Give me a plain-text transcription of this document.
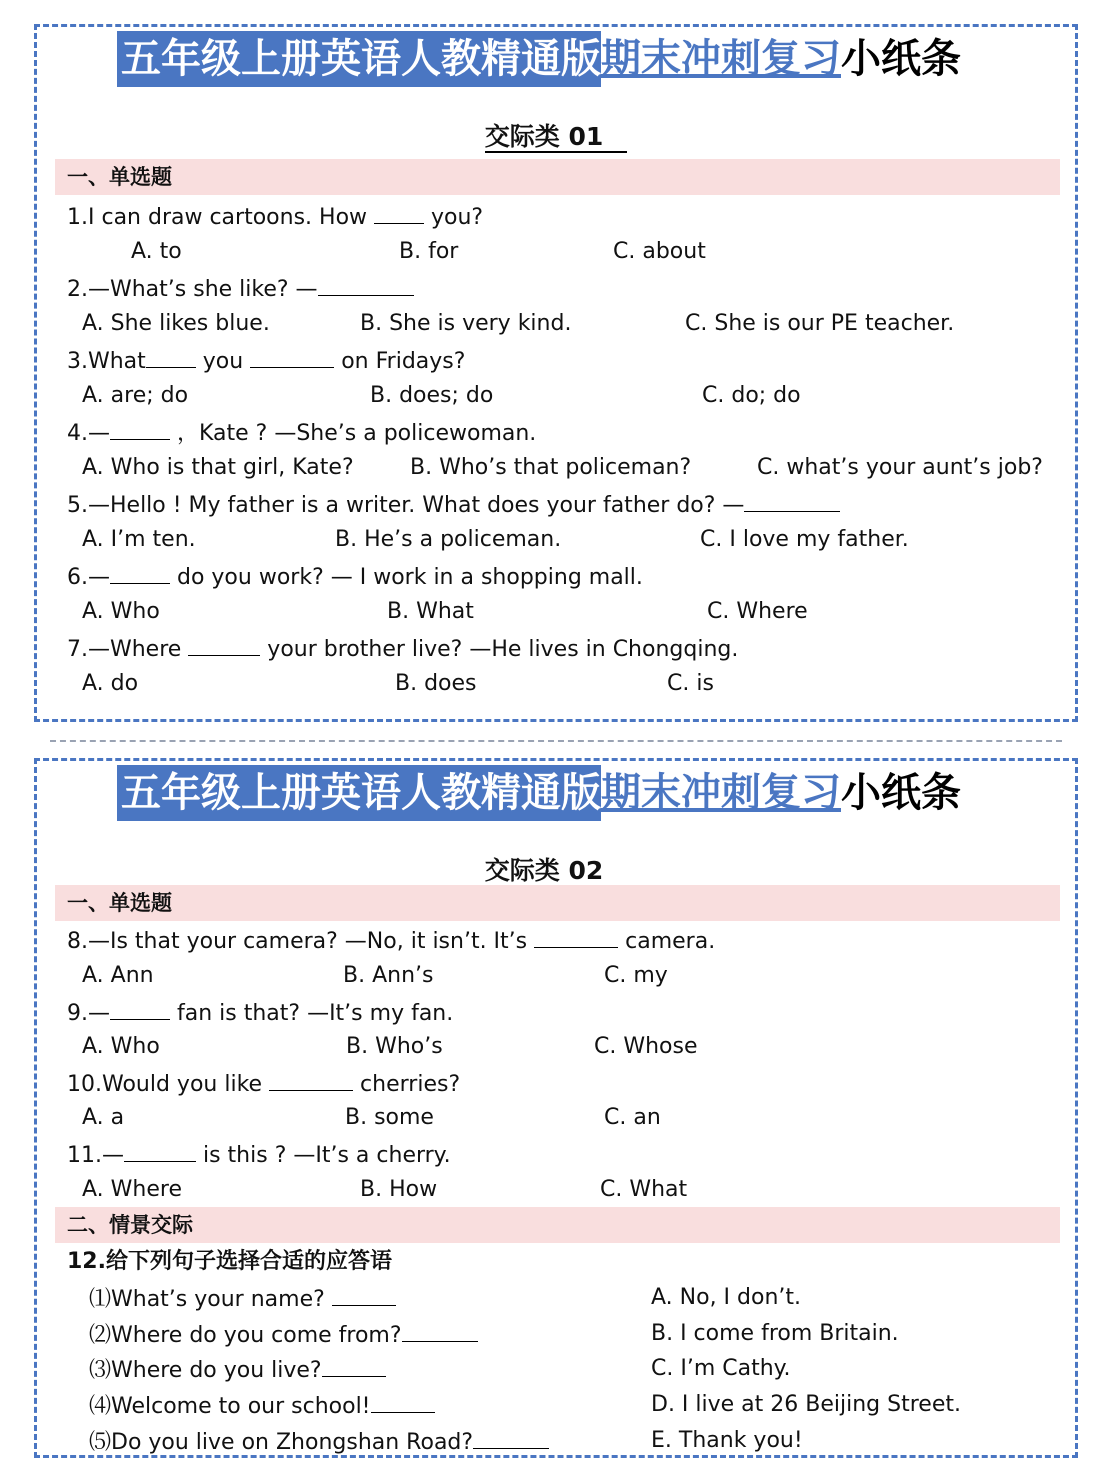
五年级上册英语人教精通版 期末冲刺复习 小纸条
交际类 01
一、单选题
1.I can draw cartoons. How  you?
A. to	B. for	C. about
2.—What’s she like? —
A. She likes blue.	B. She is very kind.	C. She is our PE teacher.
3.What you	on Fridays?
A. are; do	B. does; do	C. do; do
4.—	，Kate ? —She’s a policewoman.
A. Who is that girl, Kate?	B. Who’s that policeman?	C. what’s your aunt’s job?
5.—Hello ! My father is a writer. What does your father do? —
A. I’m ten.	B. He’s a policeman.	C. I love my father.
6.—	do you work? — I work in a shopping mall.
A. Who	B. What	C. Where
7.—Where	your brother live? —He lives in Chongqing.
A. do	B. does	C. is
五年级上册英语人教精通版 期末冲刺复习 小纸条
交际类 02
一、单选题
8.—Is that your camera? —No, it isn’t. It’s	camera.
A. Ann	B. Ann’s	C. my
9.—	fan is that? —It’s my fan.
A. Who	B. Who’s	C. Whose
10.Would you like	cherries?
A. a	B. some	C. an
11.—	is this ? —It’s a cherry.
A. Where	B. How	C. What
二、情景交际
12.给下列句子选择合适的应答语
⑴What’s your name?	A. No, I don’t.
⑵Where do you come from?	B. I come from Britain.
⑶Where do you live?	C. I’m Cathy.
⑷Welcome to our school!	D. I live at 26 Beijing Street.
⑸Do you live on Zhongshan Road?	E. Thank you!
